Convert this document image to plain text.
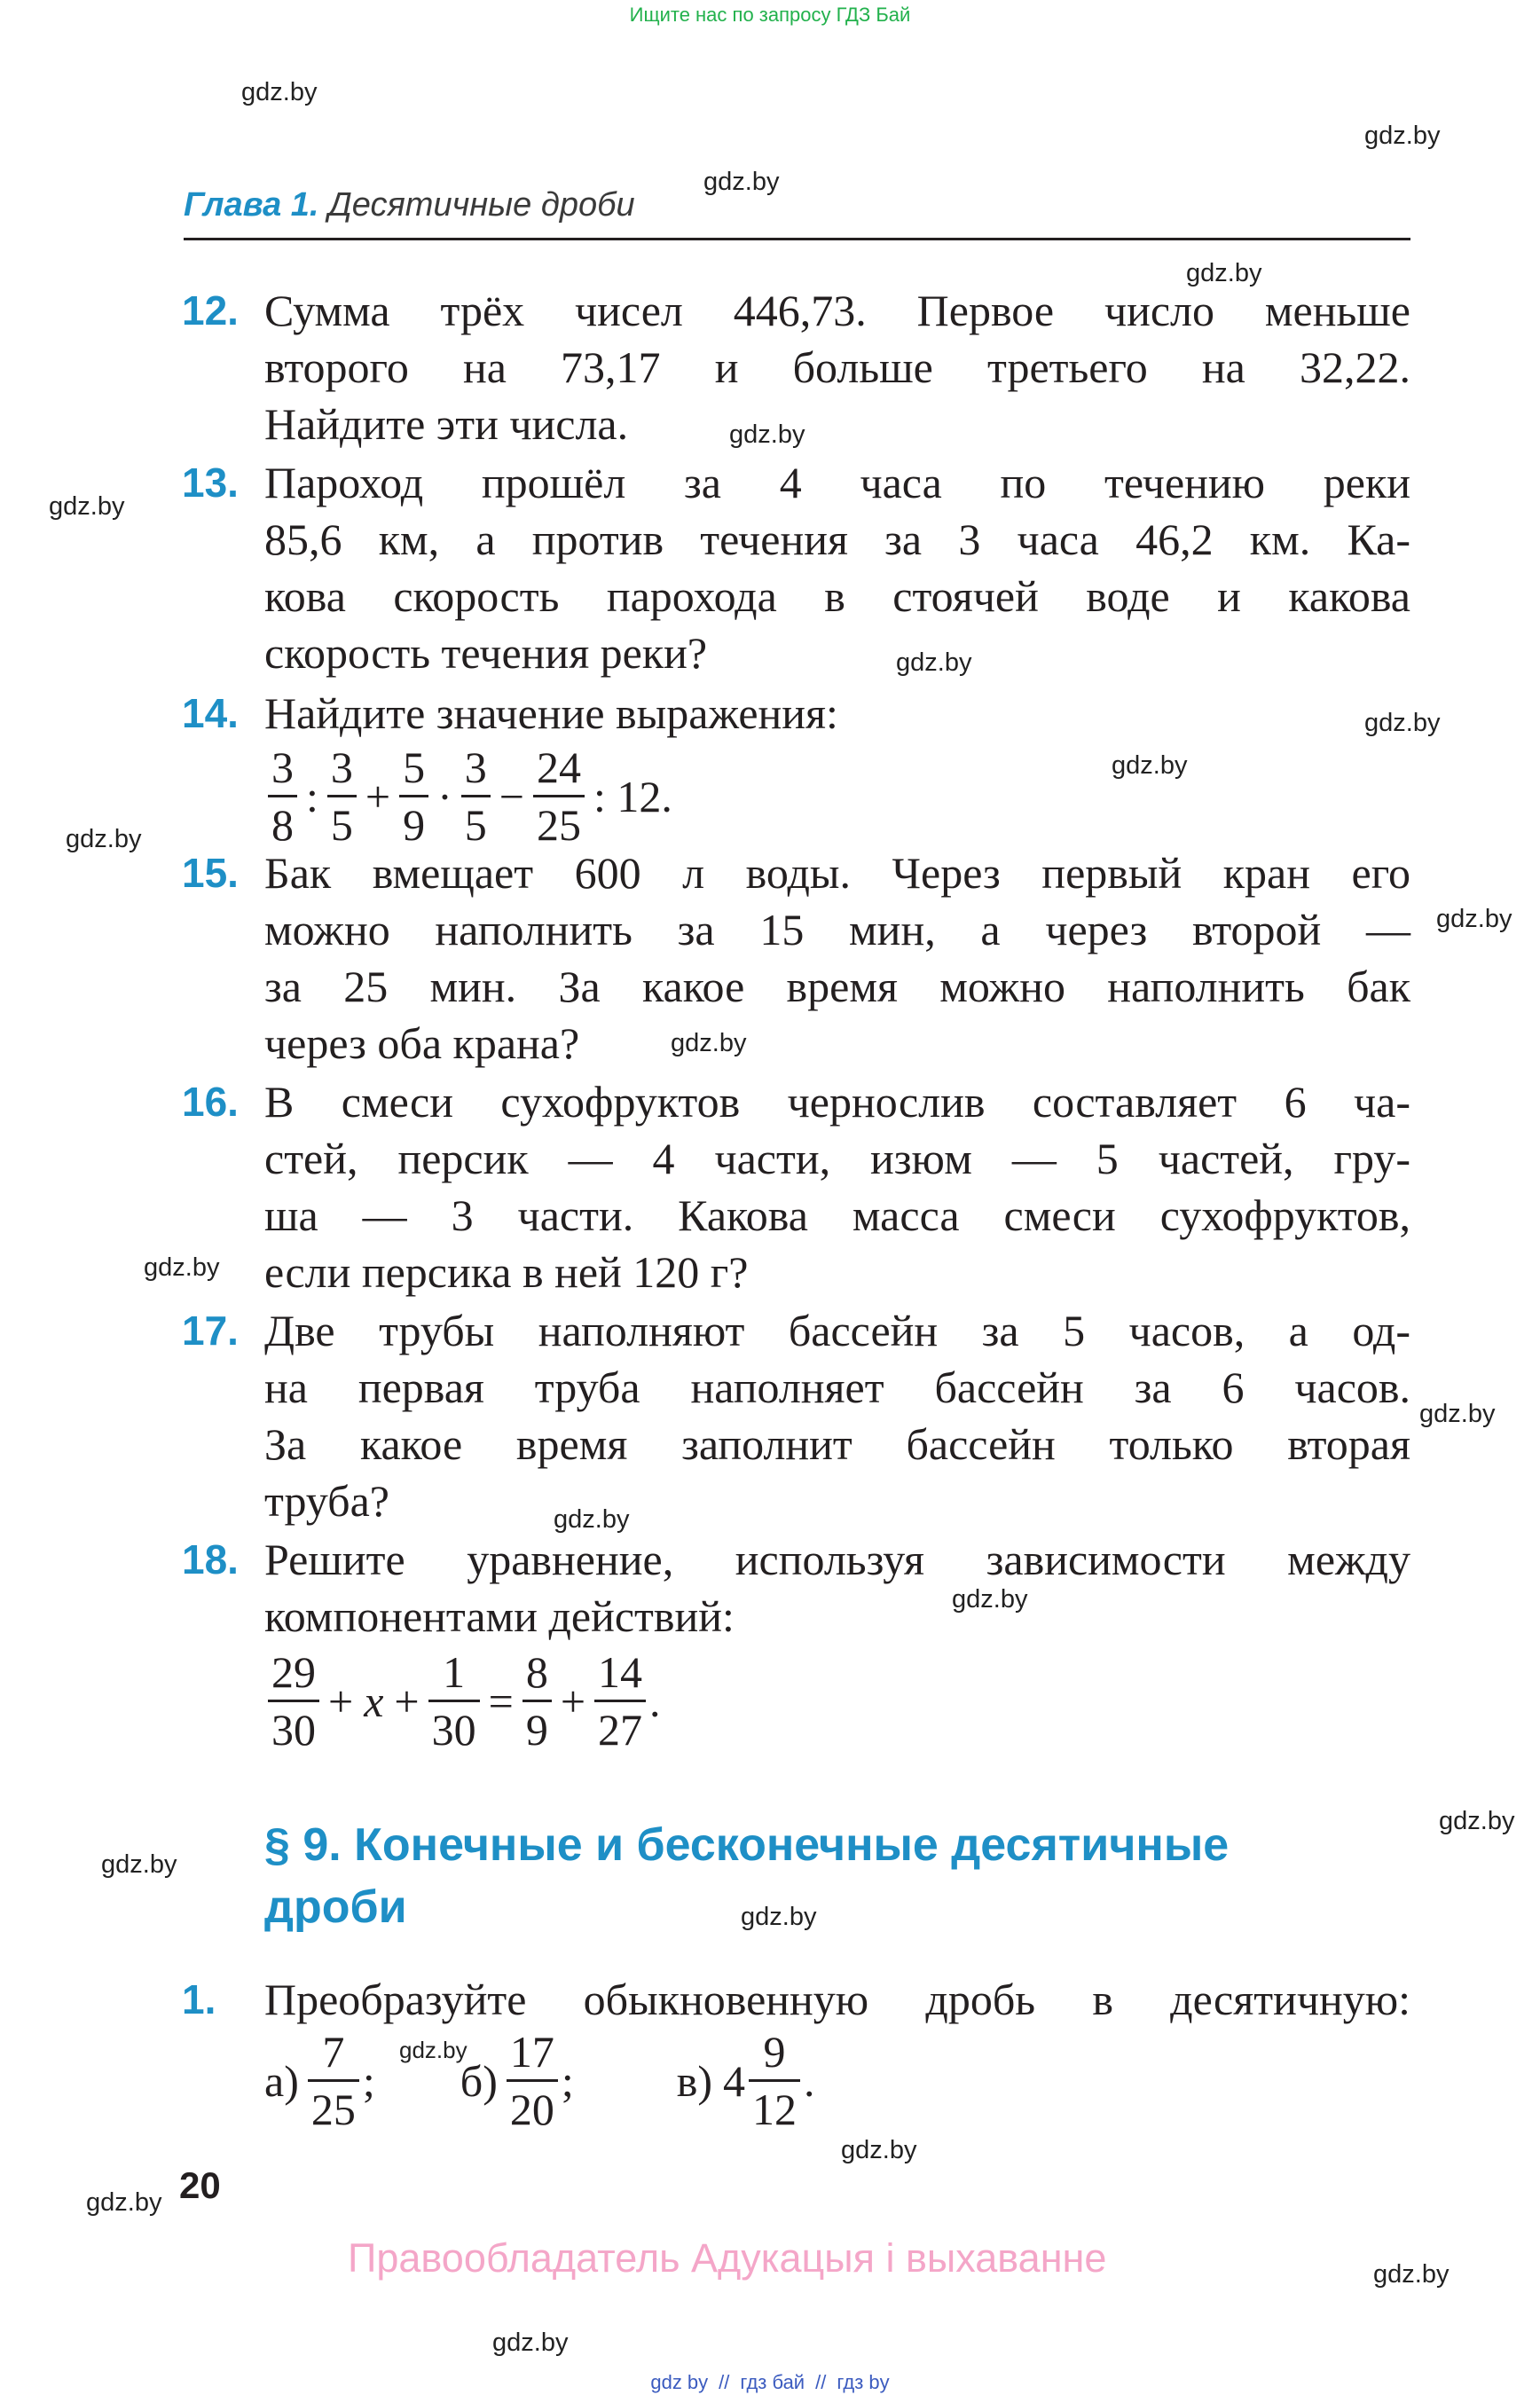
Ищите нас по запросу ГДЗ Бай
gdz.by
gdz.by
gdz.by
gdz.by
gdz.by
gdz.by
gdz.by
gdz.by
gdz.by
gdz.by
gdz.by
gdz.by
gdz.by
gdz.by
gdz.by
gdz.by
gdz.by
gdz.by
gdz.by
gdz.by
gdz.by
gdz.by
gdz.by
gdz.by
Глава 1. Десятичные дроби
12. Сумма трёх чисел 446,73. Первое число меньше
второго на 73,17 и больше третьего на 32,22.
Найдите эти числа.
13. Пароход прошёл за 4 часа по течению реки
85,6 км, а против течения за 3 часа 46,2 км. Ка-
кова скорость парохода в стоячей воде и какова
скорость течения реки?
14. Найдите значение выражения:
$\frac{3}{8}$ : $\frac{3}{5} + \frac{5}{9} \cdot \frac{3}{5} - \frac{24}{25}$ : 12.
15. Бак вмещает 600 л воды. Через первый кран его
можно наполнить за 15 мин, а через второй —
за 25 мин. За какое время можно наполнить бак
через оба крана?
16. В смеси сухофруктов чернослив составляет 6 ча-
стей, персик — 4 части, изюм — 5 частей, гру-
ша — 3 части. Какова масса смеси сухофруктов,
если персика в ней 120 г?
17. Две трубы наполняют бассейн за 5 часов, а од-
на первая труба наполняет бассейн за 6 часов.
За какое время заполнит бассейн только вторая
труба?
18. Решите уравнение, используя зависимости между
компонентами действий:
$\frac{29}{30} + x + \frac{1}{30} = \frac{8}{9} + \frac{14}{27}$ .
§ 9. Конечные и бесконечные десятичные
дроби
1. Преобразуйте обыкновенную дробь в десятичную:
$а) \frac{7}{25}$ ; $б) \frac{17}{20}$ ; в) $4 \frac{9}{12}$ .
20
Правообладатель Адукацыя і выхаванне
gdz by // гдз бай // гдз by
